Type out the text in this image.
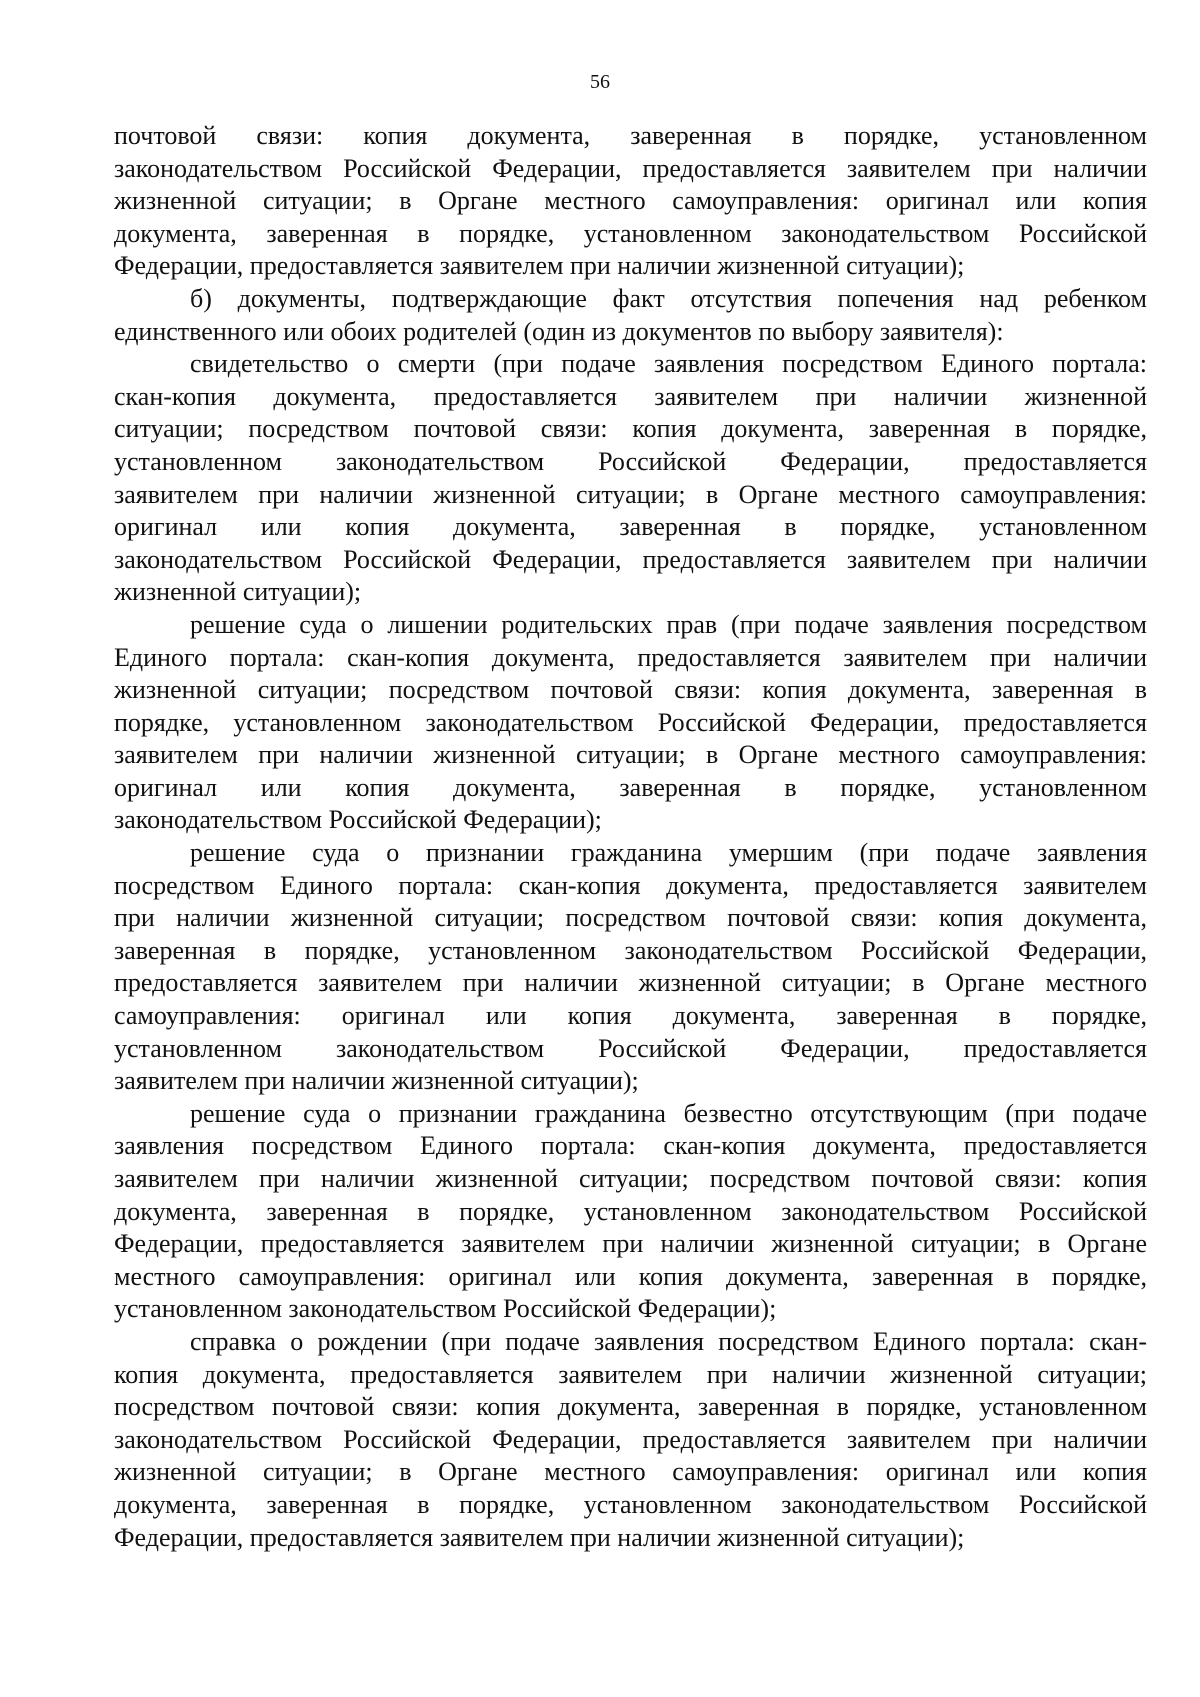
56
почтовой связи: копия документа, заверенная в порядке, установленном
законодательством Российской Федерации, предоставляется заявителем при наличии
жизненной ситуации; в Органе местного самоуправления: оригинал или копия
документа, заверенная в порядке, установленном законодательством Российской
Федерации, предоставляется заявителем при наличии жизненной ситуации);
б) документы, подтверждающие факт отсутствия попечения над ребенком
единственного или обоих родителей (один из документов по выбору заявителя):
свидетельство о смерти (при подаче заявления посредством Единого портала:
скан-копия документа, предоставляется заявителем при наличии жизненной
ситуации; посредством почтовой связи: копия документа, заверенная в порядке,
установленном законодательством Российской Федерации, предоставляется
заявителем при наличии жизненной ситуации; в Органе местного самоуправления:
оригинал или копия документа, заверенная в порядке, установленном
законодательством Российской Федерации, предоставляется заявителем при наличии
жизненной ситуации);
решение суда о лишении родительских прав (при подаче заявления посредством
Единого портала: скан-копия документа, предоставляется заявителем при наличии
жизненной ситуации; посредством почтовой связи: копия документа, заверенная в
порядке, установленном законодательством Российской Федерации, предоставляется
заявителем при наличии жизненной ситуации; в Органе местного самоуправления:
оригинал или копия документа, заверенная в порядке, установленном
законодательством Российской Федерации);
решение суда о признании гражданина умершим (при подаче заявления
посредством Единого портала: скан-копия документа, предоставляется заявителем
при наличии жизненной ситуации; посредством почтовой связи: копия документа,
заверенная в порядке, установленном законодательством Российской Федерации,
предоставляется заявителем при наличии жизненной ситуации; в Органе местного
самоуправления: оригинал или копия документа, заверенная в порядке,
установленном законодательством Российской Федерации, предоставляется
заявителем при наличии жизненной ситуации);
решение суда о признании гражданина безвестно отсутствующим (при подаче
заявления посредством Единого портала: скан-копия документа, предоставляется
заявителем при наличии жизненной ситуации; посредством почтовой связи: копия
документа, заверенная в порядке, установленном законодательством Российской
Федерации, предоставляется заявителем при наличии жизненной ситуации; в Органе
местного самоуправления: оригинал или копия документа, заверенная в порядке,
установленном законодательством Российской Федерации);
справка о рождении (при подаче заявления посредством Единого портала: скан-
копия документа, предоставляется заявителем при наличии жизненной ситуации;
посредством почтовой связи: копия документа, заверенная в порядке, установленном
законодательством Российской Федерации, предоставляется заявителем при наличии
жизненной ситуации; в Органе местного самоуправления: оригинал или копия
документа, заверенная в порядке, установленном законодательством Российской
Федерации, предоставляется заявителем при наличии жизненной ситуации);
